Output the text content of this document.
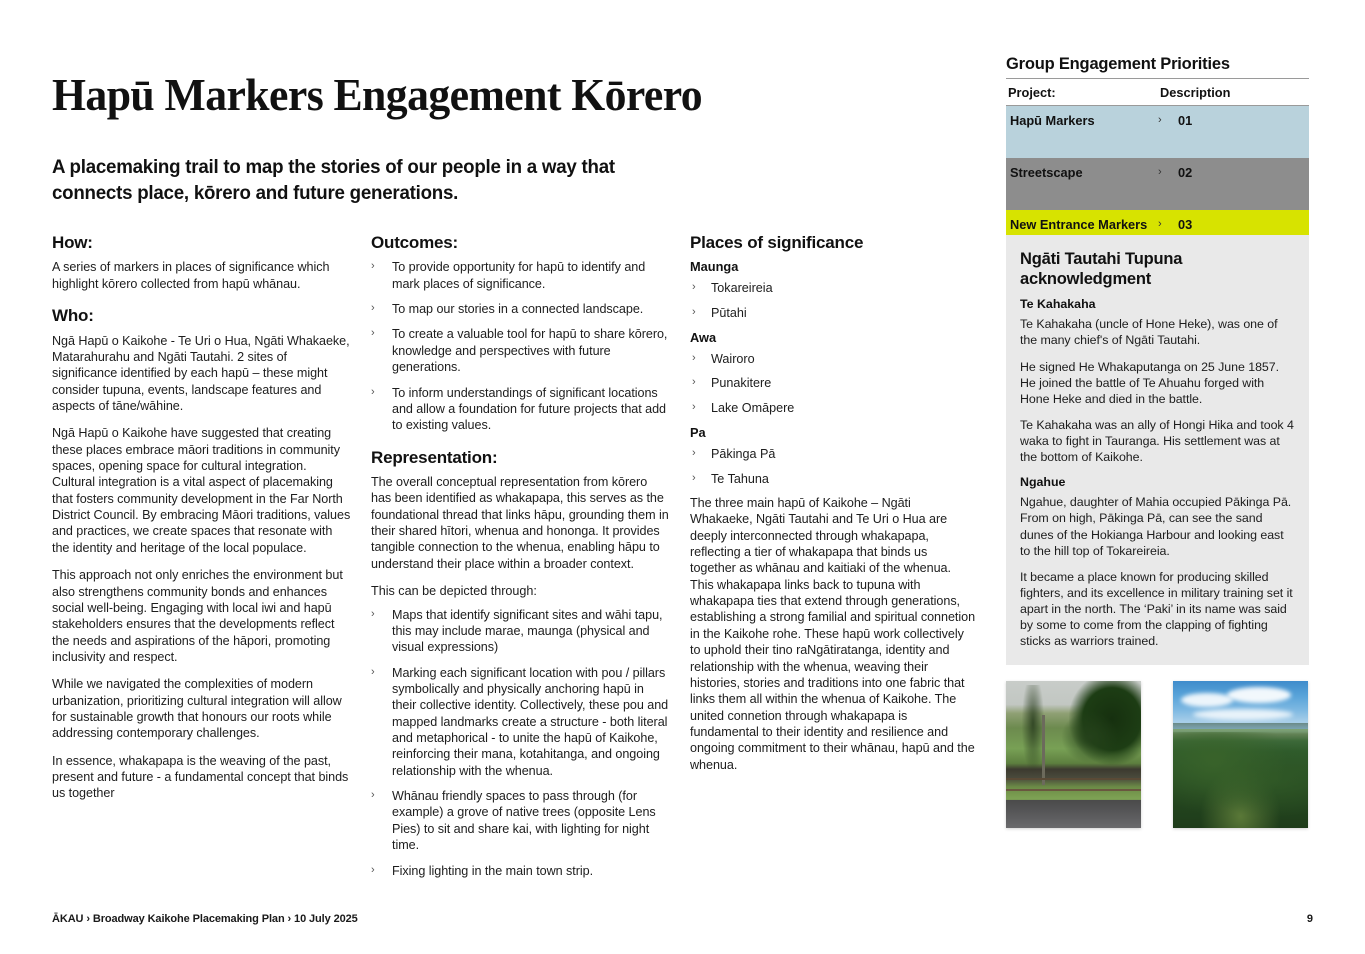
Hapū Markers Engagement Kōrero
A placemaking trail to map the stories of our people in a way that connects place, kōrero and future generations.
How:

A series of markers in places of significance which highlight kōrero collected from hapū whānau.

Who:

Ngā Hapū o Kaikohe - Te Uri o Hua, Ngāti Whakaeke, Matarahurahu and Ngāti Tautahi. 2 sites of significance identified by each hapū – these might consider tupuna, events, landscape features and aspects of tāne/wāhine.

Ngā Hapū o Kaikohe have suggested that creating these places embrace māori traditions in community spaces, opening space for cultural integration. Cultural integration is a vital aspect of placemaking that fosters community development in the Far North District Council. By embracing Māori traditions, values and practices, we create spaces that resonate with the identity and heritage of the local populace.

This approach not only enriches the environment but also strengthens community bonds and enhances social well-being. Engaging with local iwi and hapū stakeholders ensures that the developments reflect the needs and aspirations of the hāpori, promoting inclusivity and respect.

While we navigated the complexities of modern urbanization, prioritizing cultural integration will allow for sustainable growth that honours our roots while addressing contemporary challenges.

In essence, whakapapa is the weaving of the past, present and future - a fundamental concept that binds us together

Outcomes:
› To provide opportunity for hapū to identify and mark places of significance.
› To map our stories in a connected landscape.
› To create a valuable tool for hapū to share kōrero, knowledge and perspectives with future generations.
› To inform understandings of significant locations and allow a foundation for future projects that add to existing values.
Representation:

The overall conceptual representation from kōrero has been identified as whakapapa, this serves as the foundational thread that links hāpu, grounding them in their shared hītori, whenua and hononga. It provides tangible connection to the whenua, enabling hāpu to understand their place within a broader context.

This can be depicted through:

› Maps that identify significant sites and wāhi tapu, this may include marae, maunga (physical and visual expressions)
› Marking each significant location with pou / pillars symbolically and physically anchoring hapū in their collective identity. Collectively, these pou and mapped landmarks create a structure - both literal and metaphorical - to unite the hapū of Kaikohe, reinforcing their mana, kotahitanga, and ongoing relationship with the whenua.
› Whānau friendly spaces to pass through (for example) a grove of native trees (opposite Lens Pies) to sit and share kai, with lighting for night time.
› Fixing lighting in the main town strip.
Places of significance
Maunga
› Tokareireia
› Pūtahi
Awa
› Wairoro
› Punakitere
› Lake Omāpere
Pa
› Pākinga Pā
› Te Tahuna

The three main hapū of Kaikohe – Ngāti Whakaeke, Ngāti Tautahi and Te Uri o Hua are deeply interconnected through whakapapa, reflecting a tier of whakapapa that binds us together as whānau and kaitiaki of the whenua. This whakapapa links back to tupuna with whakapapa ties that extend through generations, establishing a strong familial and spiritual connetion in the Kaikohe rohe. These hapū work collectively to uphold their tino raNgātiratanga, identity and relationship with the whenua, weaving their histories, stories and traditions into one fabric that links them all within the whenua of Kaikohe. The united connetion through whakapapa is fundamental to their identity and resilience and ongoing commitment to their whānau, hapū and the whenua.

Group Engagement Priorities
Project:	Description
Hapū Markers	›	01
Streetscape	›	02
New Entrance Markers ›	03
Ngāti Tautahi Tupuna acknowledgment
Te Kahakaha

Te Kahakaha (uncle of Hone Heke), was one of the many chief's of Ngāti Tautahi.

He signed He Whakaputanga on 25 June 1857. He joined the battle of Te Ahuahu forged with Hone Heke and died in the battle.

Te Kahakaha was an ally of Hongi Hika and took 4 waka to fight in Tauranga. His settlement was at the bottom of Kaikohe.

Ngahue

Ngahue, daughter of Mahia occupied Pākinga Pā. From on high, Pākinga Pā, can see the sand dunes of the Hokianga Harbour and looking east to the hill top of Tokareireia.

It became a place known for producing skilled fighters, and its excellence in military training set it apart in the north. The ‘Paki’ in its name was said by some to come from the clapping of fighting sticks as warriors trained.

ĀKAU › Broadway Kaikohe Placemaking Plan › 10 July 2025	9
